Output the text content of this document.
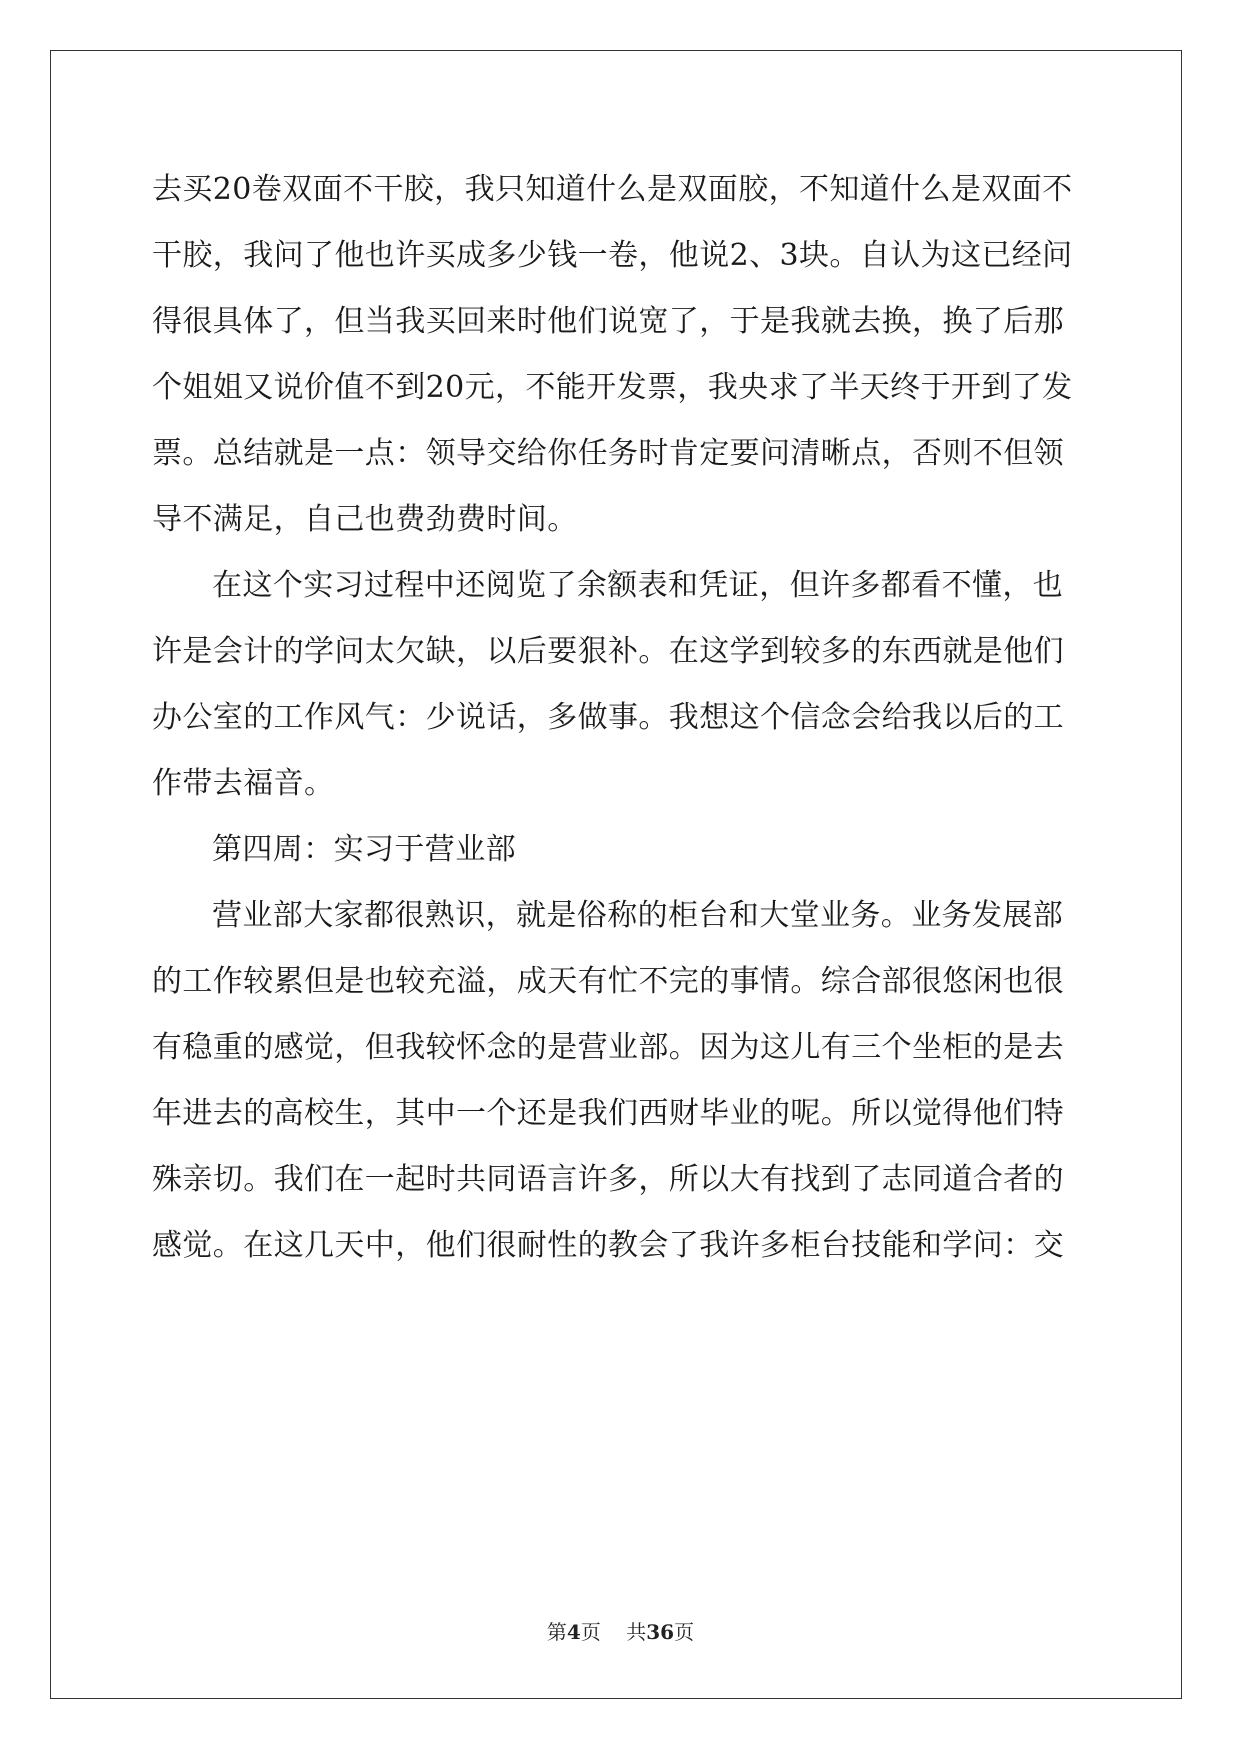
去买20卷双面不干胶，我只知道什么是双面胶，不知道什么是双面不
干胶，我问了他也许买成多少钱一卷，他说2、3块。自认为这已经问
得很具体了，但当我买回来时他们说宽了，于是我就去换，换了后那
个姐姐又说价值不到20元，不能开发票，我央求了半天终于开到了发
票。总结就是一点：领导交给你任务时肯定要问清晰点，否则不但领
导不满足，自己也费劲费时间。
在这个实习过程中还阅览了余额表和凭证，但许多都看不懂，也
许是会计的学问太欠缺，以后要狠补。在这学到较多的东西就是他们
办公室的工作风气：少说话，多做事。我想这个信念会给我以后的工
作带去福音。
第四周：实习于营业部
营业部大家都很熟识，就是俗称的柜台和大堂业务。业务发展部
的工作较累但是也较充溢，成天有忙不完的事情。综合部很悠闲也很
有稳重的感觉，但我较怀念的是营业部。因为这儿有三个坐柜的是去
年进去的高校生，其中一个还是我们西财毕业的呢。所以觉得他们特
殊亲切。我们在一起时共同语言许多，所以大有找到了志同道合者的
感觉。在这几天中，他们很耐性的教会了我许多柜台技能和学问：交
第4页 共36页
